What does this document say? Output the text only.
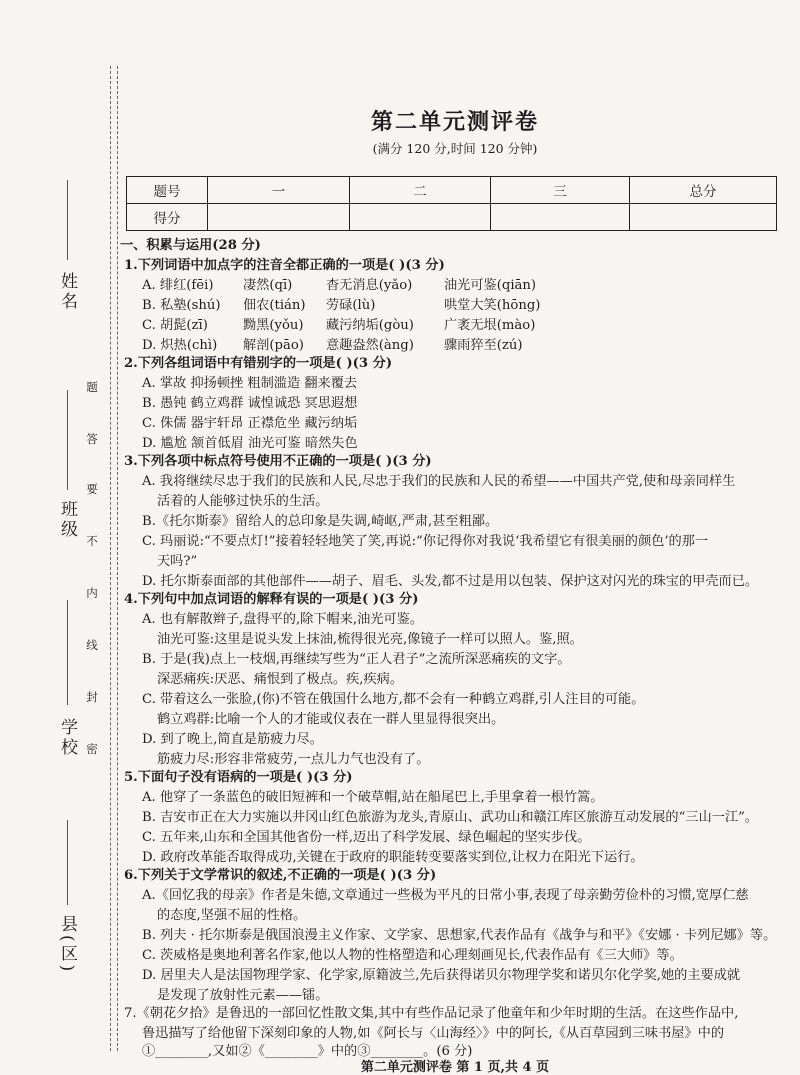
姓名
班级
学校
县(区)
题
答
要
不
内
线
封
密
第二单元测评卷
(满分 120 分,时间 120 分钟)
题号	一	二	三	总分
得分				
一、积累与运用(28 分)
1.下列词语中加点字的注音全都正确的一项是( )(3 分)
A. 绯红(fēi) 凄然(qī)	杳无消息(yǎo) 油光可鉴(qiān)
B. 私塾(shú) 佃农(tián) 劳碌(lù)	哄堂大笑(hōng)
C. 胡髭(zī)	黝黑(yǒu) 藏污纳垢(gòu) 广袤无垠(mào)
D. 炽热(chì) 解剖(pāo) 意趣盎然(àng) 骤雨猝至(zú)
2.下列各组词语中有错别字的一项是( )(3 分)
A. 掌故 抑扬顿挫 粗制滥造 翻来覆去
B. 愚钝 鹤立鸡群 诚惶诚恐 冥思遐想
C. 侏儒 器宇轩昂 正襟危坐 藏污纳垢
D. 尴尬 颔首低眉 油光可鉴 暗然失色
3.下列各项中标点符号使用不正确的一项是( )(3 分)
A. 我将继续尽忠于我们的民族和人民,尽忠于我们的民族和人民的希望——中国共产党,使和母亲同样生
活着的人能够过快乐的生活。
B.《托尔斯泰》留给人的总印象是失调,崎岖,严肃,甚至粗鄙。
C. 玛丽说:“不要点灯!”接着轻轻地笑了笑,再说:“你记得你对我说‘我希望它有很美丽的颜色’的那一
天吗?”
D. 托尔斯泰面部的其他部件——胡子、眉毛、头发,都不过是用以包装、保护这对闪光的珠宝的甲壳而已。
4.下列句中加点词语的解释有误的一项是( )(3 分)
A. 也有解散辫子,盘得平的,除下帽来,油光可鉴。
油光可鉴:这里是说头发上抹油,梳得很光亮,像镜子一样可以照人。鉴,照。
B. 于是(我)点上一枝烟,再继续写些为“正人君子”之流所深恶痛疾的文字。
深恶痛疾:厌恶、痛恨到了极点。疾,疾病。
C. 带着这么一张脸,(你)不管在俄国什么地方,都不会有一种鹤立鸡群,引人注目的可能。
鹤立鸡群:比喻一个人的才能或仪表在一群人里显得很突出。
D. 到了晚上,简直是筋疲力尽。
筋疲力尽:形容非常疲劳,一点儿力气也没有了。
5.下面句子没有语病的一项是( )(3 分)
A. 他穿了一条蓝色的破旧短裤和一个破草帽,站在船尾巴上,手里拿着一根竹篙。
B. 吉安市正在大力实施以井冈山红色旅游为龙头,青原山、武功山和赣江库区旅游互动发展的“三山一江”。
C. 五年来,山东和全国其他省份一样,迈出了科学发展、绿色崛起的坚实步伐。
D. 政府改革能否取得成功,关键在于政府的职能转变要落实到位,让权力在阳光下运行。
6.下列关于文学常识的叙述,不正确的一项是( )(3 分)
A.《回忆我的母亲》作者是朱德,文章通过一些极为平凡的日常小事,表现了母亲勤劳俭朴的习惯,宽厚仁慈
的态度,坚强不屈的性格。
B. 列夫 · 托尔斯泰是俄国浪漫主义作家、文学家、思想家,代表作品有《战争与和平》《安娜 · 卡列尼娜》等。
C. 茨威格是奥地利著名作家,他以人物的性格塑造和心理刻画见长,代表作品有《三大师》等。
D. 居里夫人是法国物理学家、化学家,原籍波兰,先后获得诺贝尔物理学奖和诺贝尔化学奖,她的主要成就
是发现了放射性元素——镭。
7.《朝花夕拾》是鲁迅的一部回忆性散文集,其中有些作品记录了他童年和少年时期的生活。在这些作品中,
鲁迅描写了给他留下深刻印象的人物,如《阿长与〈山海经〉》中的阿长,《从百草园到三味书屋》中的
①________,又如②《________》中的③________。(6 分)
第二单元测评卷 第 1 页,共 4 页
